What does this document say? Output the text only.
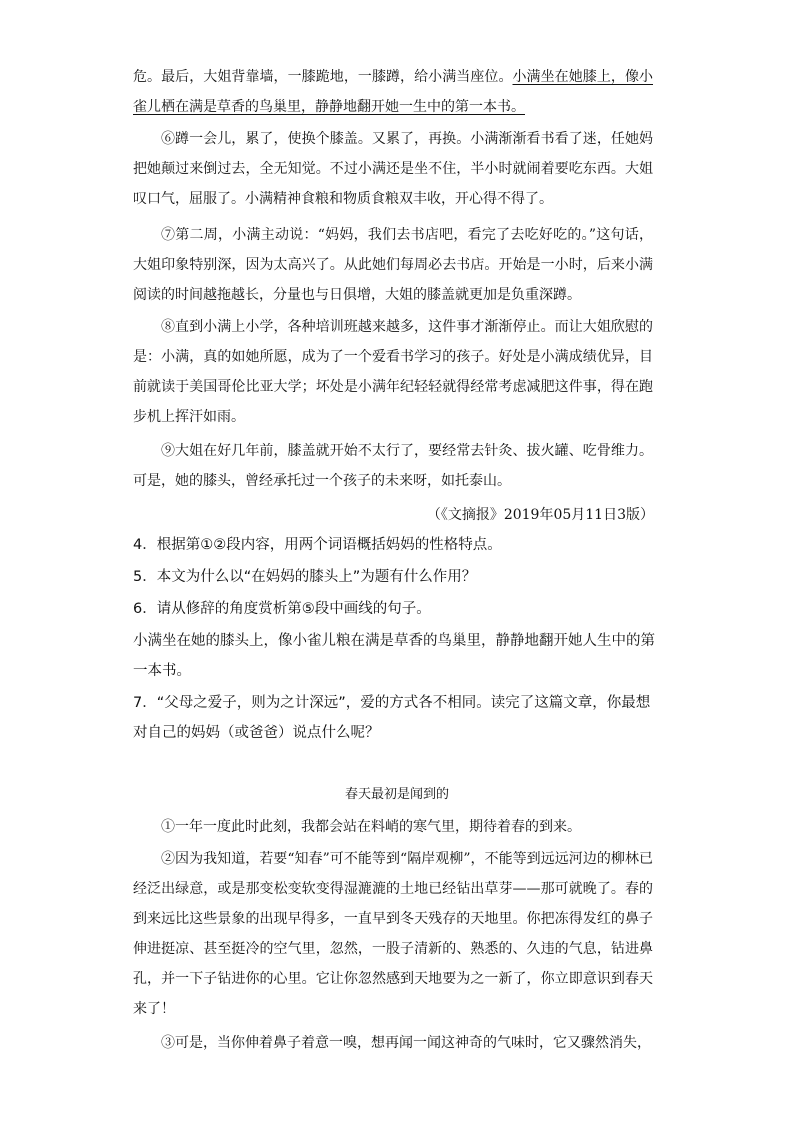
危。最后，大姐背靠墙，一膝跪地，一膝蹲，给小满当座位。小满坐在她膝上，像小雀儿栖在满是草香的鸟巢里，静静地翻开她一生中的第一本书。

⑥蹲一会儿，累了，使换个膝盖。又累了，再换。小满渐渐看书看了迷，任她妈把她颠过来倒过去，全无知觉。不过小满还是坐不住，半小时就闹着要吃东西。大姐叹口气，屈服了。小满精神食粮和物质食粮双丰收，开心得不得了。

⑦第二周，小满主动说：“妈妈，我们去书店吧，看完了去吃好吃的。”这句话，大姐印象特别深，因为太高兴了。从此她们每周必去书店。开始是一小时，后来小满阅读的时间越拖越长，分量也与日俱增，大姐的膝盖就更加是负重深蹲。

⑧直到小满上小学，各种培训班越来越多，这件事才渐渐停止。而让大姐欣慰的是：小满，真的如她所愿，成为了一个爱看书学习的孩子。好处是小满成绩优异，目前就读于美国哥伦比亚大学；坏处是小满年纪轻轻就得经常考虑减肥这件事，得在跑步机上挥汗如雨。

⑨大姐在好几年前，膝盖就开始不太行了，要经常去针灸、拔火罐、吃骨维力。可是，她的膝头，曾经承托过一个孩子的未来呀，如托泰山。

（《文摘报》2019年05月11日3版）

4．根据第①②段内容，用两个词语概括妈妈的性格特点。

5．本文为什么以“在妈妈的膝头上”为题有什么作用？

6．请从修辞的角度赏析第⑤段中画线的句子。

小满坐在她的膝头上，像小雀儿粮在满是草香的鸟巢里，静静地翻开她人生中的第一本书。

7．“父母之爱子，则为之计深远”，爱的方式各不相同。读完了这篇文章，你最想对自己的妈妈（或爸爸）说点什么呢？

春天最初是闻到的

①一年一度此时此刻，我都会站在料峭的寒气里，期待着春的到来。

②因为我知道，若要“知春”可不能等到“隔岸观柳”，不能等到远远河边的柳林已经泛出绿意，或是那变松变软变得湿漉漉的土地已经钻出草芽——那可就晚了。春的到来远比这些景象的出现早得多，一直早到冬天残存的天地里。你把冻得发红的鼻子伸进挺凉、甚至挺冷的空气里，忽然，一股子清新的、熟悉的、久违的气息，钻进鼻孔，并一下子钻进你的心里。它让你忽然感到天地要为之一新了，你立即意识到春天来了！

③可是，当你伸着鼻子着意一嗅，想再闻一闻这神奇的气味时，它又骤然消失，
